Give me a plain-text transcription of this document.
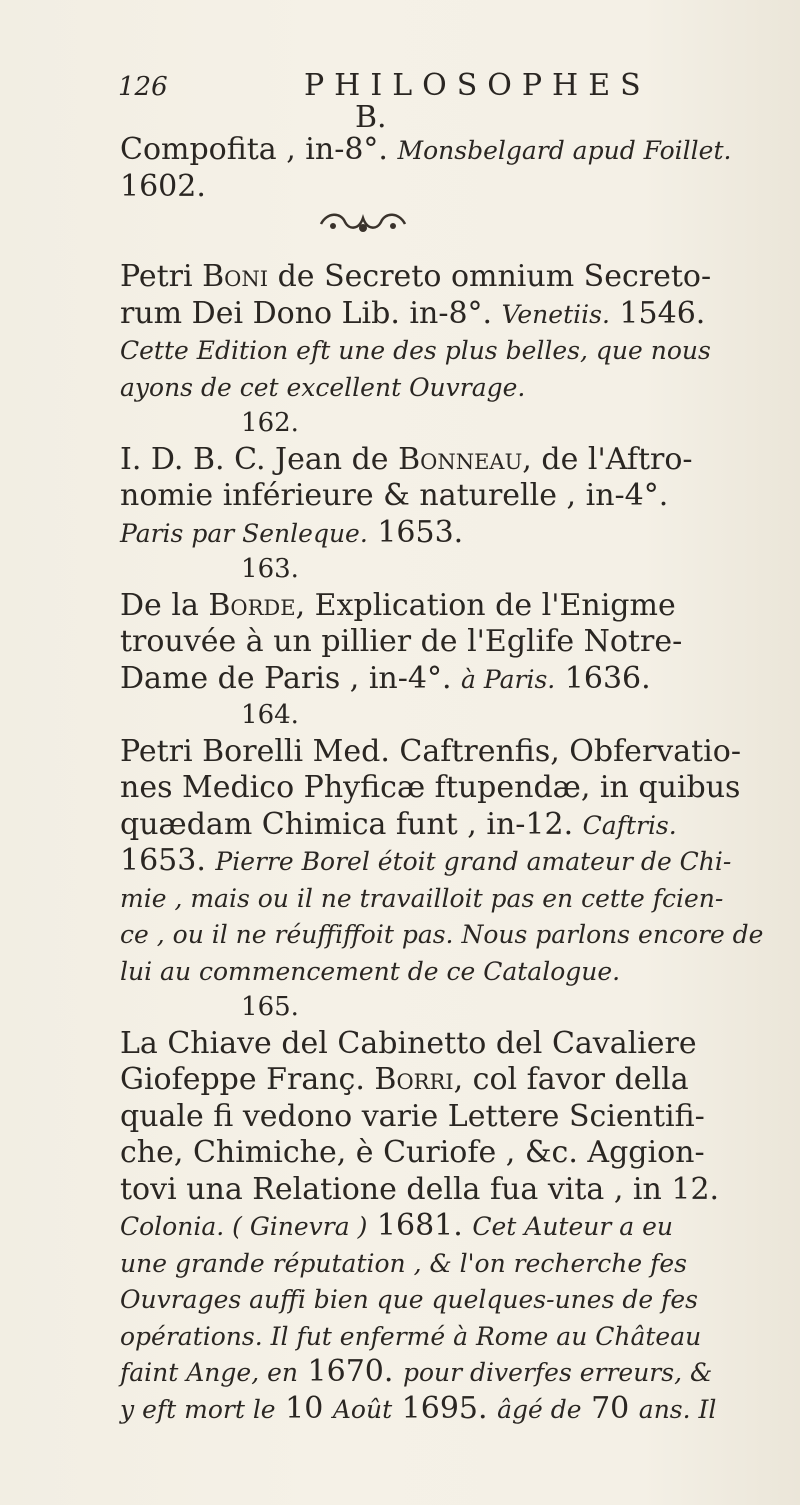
126	PHILOSOPHES
B.
Compofita , in-8°. Monsbelgard apud Foillet.
1602.
Petri Boni de Secreto omnium Secreto-
rum Dei Dono Lib. in-8°. Venetiis. 1546.
Cette Edition eft une des plus belles, que nous
ayons de cet excellent Ouvrage.
162.
I. D. B. C. Jean de Bonneau, de l'Aftro-
nomie inférieure & naturelle , in-4°.
Paris par Senleque. 1653.
163.
De la Borde, Explication de l'Enigme
trouvée à un pillier de l'Eglife Notre-
Dame de Paris , in-4°. à Paris. 1636.
164.
Petri Borelli Med. Caftrenfis, Obfervatio-
nes Medico Phyficæ ftupendæ, in quibus
quædam Chimica funt , in-12. Caftris.
1653. Pierre Borel étoit grand amateur de Chi-
mie , mais ou il ne travailloit pas en cette fcien-
ce , ou il ne réuffiffoit pas. Nous parlons encore de
lui au commencement de ce Catalogue.
165.
La Chiave del Cabinetto del Cavaliere
Giofeppe Franç. Borri, col favor della
quale fi vedono varie Lettere Scientifi-
che, Chimiche, è Curiofe , &c. Aggion-
tovi una Relatione della fua vita , in 12.
Colonia. ( Ginevra ) 1681. Cet Auteur a eu
une grande réputation , & l'on recherche fes
Ouvrages auffi bien que quelques-unes de fes
opérations. Il fut enfermé à Rome au Château
faint Ange, en 1670. pour diverfes erreurs, &
y eft mort le 10 Août 1695. âgé de 70 ans. Il
